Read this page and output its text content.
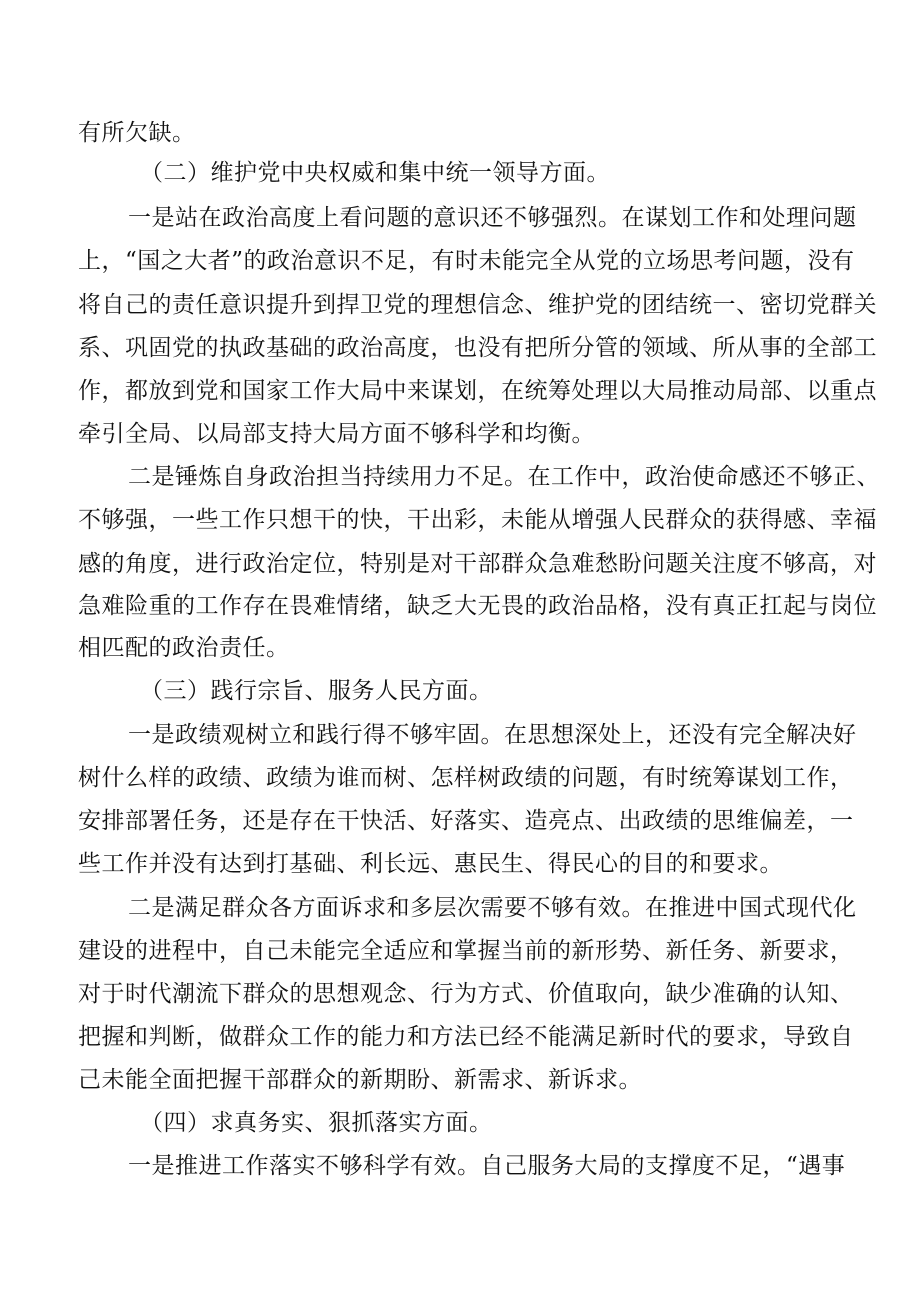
有所欠缺。
（二）维护党中央权威和集中统一领导方面。
一是站在政治高度上看问题的意识还不够强烈。在谋划工作和处理问题
上，“国之大者”的政治意识不足，有时未能完全从党的立场思考问题，没有
将自己的责任意识提升到捍卫党的理想信念、维护党的团结统一、密切党群关
系、巩固党的执政基础的政治高度，也没有把所分管的领域、所从事的全部工
作，都放到党和国家工作大局中来谋划，在统筹处理以大局推动局部、以重点
牵引全局、以局部支持大局方面不够科学和均衡。
二是锤炼自身政治担当持续用力不足。在工作中，政治使命感还不够正、
不够强，一些工作只想干的快，干出彩，未能从增强人民群众的获得感、幸福
感的角度，进行政治定位，特别是对干部群众急难愁盼问题关注度不够高，对
急难险重的工作存在畏难情绪，缺乏大无畏的政治品格，没有真正扛起与岗位
相匹配的政治责任。
（三）践行宗旨、服务人民方面。
一是政绩观树立和践行得不够牢固。在思想深处上，还没有完全解决好
树什么样的政绩、政绩为谁而树、怎样树政绩的问题，有时统筹谋划工作，
安排部署任务，还是存在干快活、好落实、造亮点、出政绩的思维偏差，一
些工作并没有达到打基础、利长远、惠民生、得民心的目的和要求。
二是满足群众各方面诉求和多层次需要不够有效。在推进中国式现代化
建设的进程中，自己未能完全适应和掌握当前的新形势、新任务、新要求，
对于时代潮流下群众的思想观念、行为方式、价值取向，缺少准确的认知、
把握和判断，做群众工作的能力和方法已经不能满足新时代的要求，导致自
己未能全面把握干部群众的新期盼、新需求、新诉求。
（四）求真务实、狠抓落实方面。
一是推进工作落实不够科学有效。自己服务大局的支撑度不足，“遇事
